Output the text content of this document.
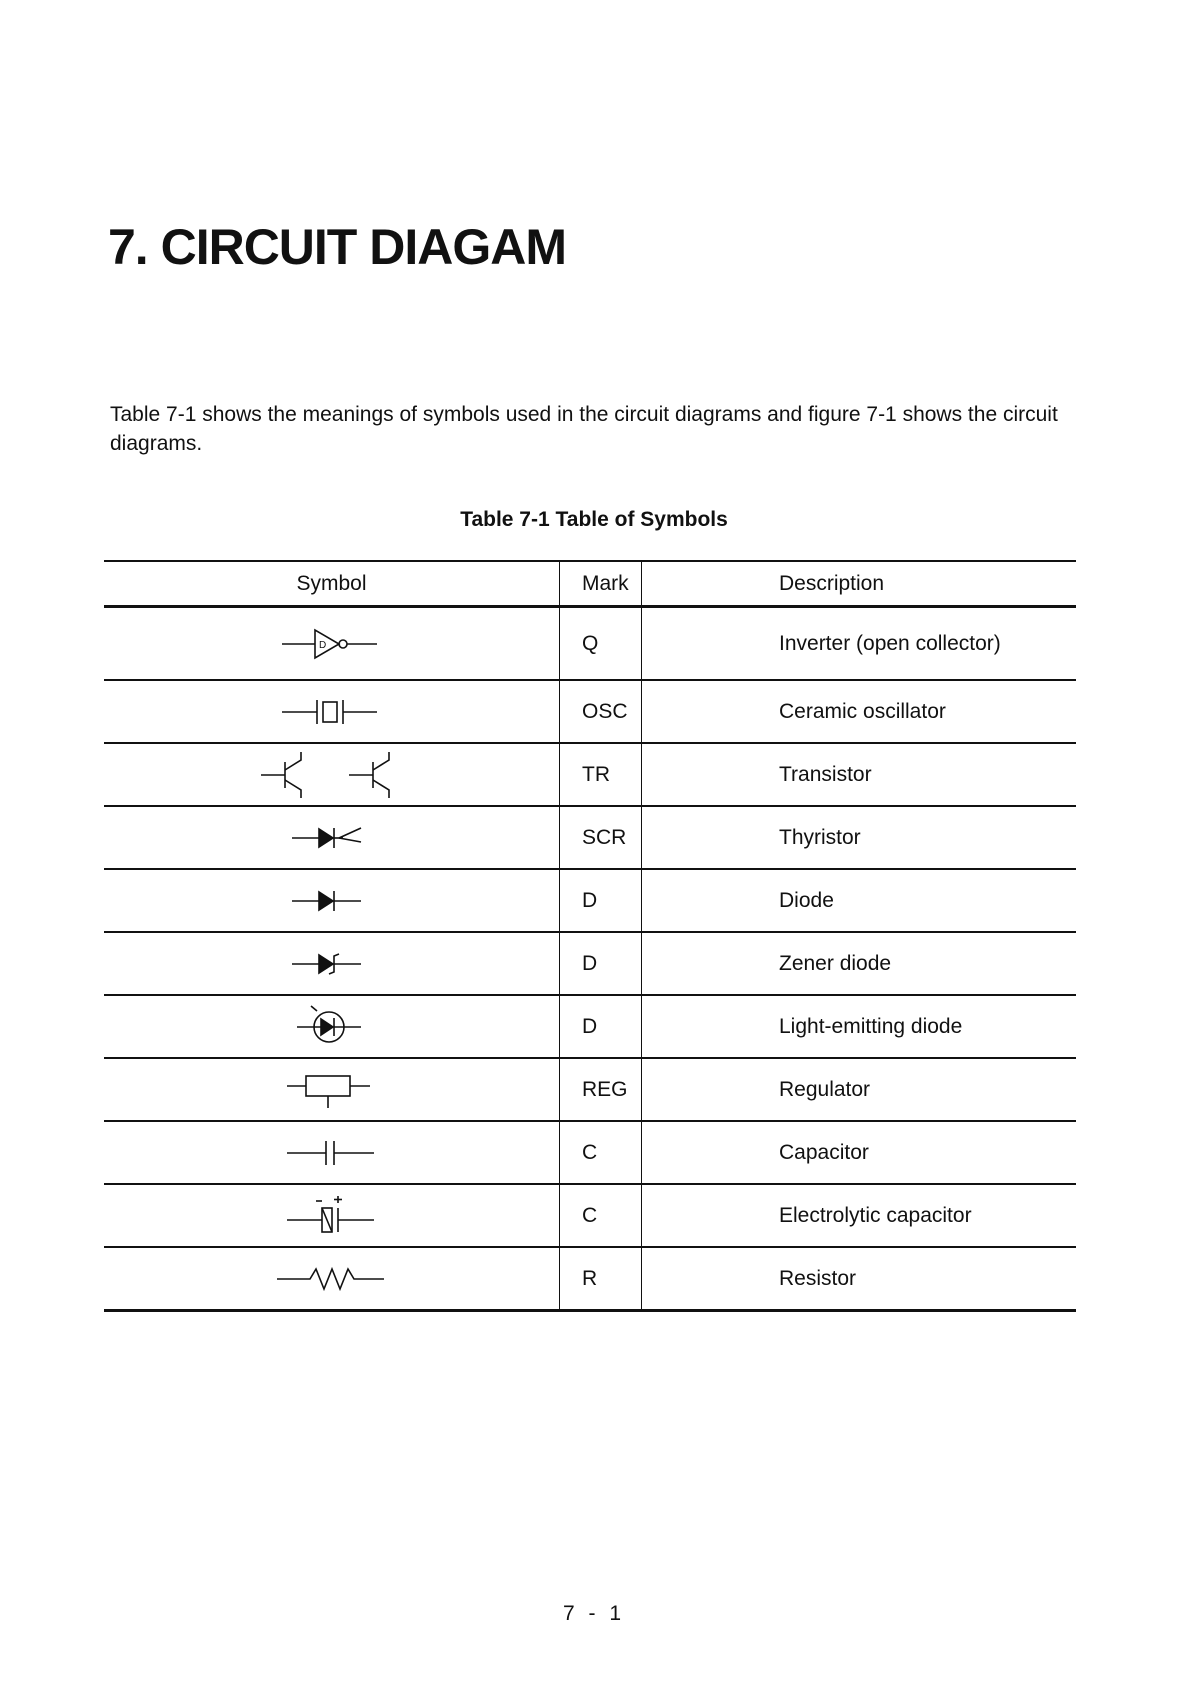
7. CIRCUIT DIAGAM

Table 7-1 shows the meanings of symbols used in the circuit diagrams and figure 7-1 shows the circuit diagrams.

Table 7-1 Table of Symbols
Symbol	Mark	Description

D	Q	Inverter (open collector)

	OSC	Ceramic oscillator

	TR	Transistor

	SCR	Thyristor

	D	Diode

	D	Zener diode

	D	Light-emitting diode

	REG	Regulator

	C	Capacitor

	C	Electrolytic capacitor

	R	Resistor
7 - 1
